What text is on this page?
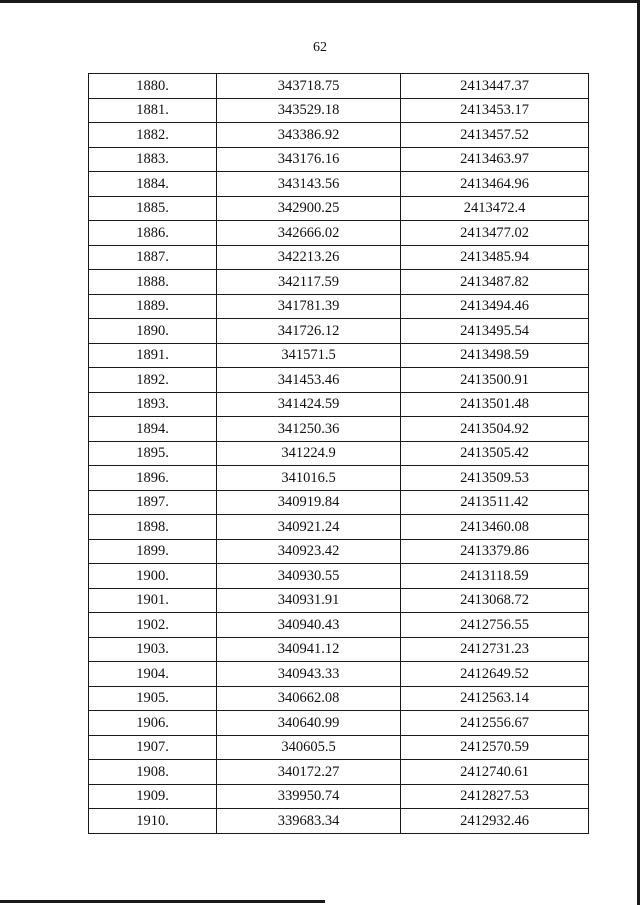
62
1880.	343718.75	2413447.37
1881.	343529.18	2413453.17
1882.	343386.92	2413457.52
1883.	343176.16	2413463.97
1884.	343143.56	2413464.96
1885.	342900.25	2413472.4
1886.	342666.02	2413477.02
1887.	342213.26	2413485.94
1888.	342117.59	2413487.82
1889.	341781.39	2413494.46
1890.	341726.12	2413495.54
1891.	341571.5	2413498.59
1892.	341453.46	2413500.91
1893.	341424.59	2413501.48
1894.	341250.36	2413504.92
1895.	341224.9	2413505.42
1896.	341016.5	2413509.53
1897.	340919.84	2413511.42
1898.	340921.24	2413460.08
1899.	340923.42	2413379.86
1900.	340930.55	2413118.59
1901.	340931.91	2413068.72
1902.	340940.43	2412756.55
1903.	340941.12	2412731.23
1904.	340943.33	2412649.52
1905.	340662.08	2412563.14
1906.	340640.99	2412556.67
1907.	340605.5	2412570.59
1908.	340172.27	2412740.61
1909.	339950.74	2412827.53
1910.	339683.34	2412932.46
